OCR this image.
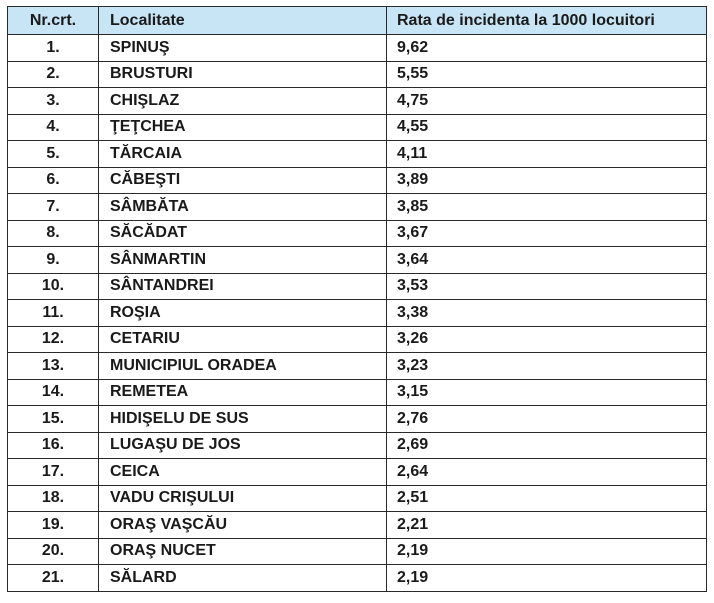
Nr.crt.	Localitate	Rata de incidenta la 1000 locuitori
1.	SPINUŞ	9,62
2.	BRUSTURI	5,55
3.	CHIŞLAZ	4,75
4.	ŢEŢCHEA	4,55
5.	TĂRCAIA	4,11
6.	CĂBEŞTI	3,89
7.	SÂMBĂTA	3,85
8.	SĂCĂDAT	3,67
9.	SÂNMARTIN	3,64
10.	SÂNTANDREI	3,53
11.	ROŞIA	3,38
12.	CETARIU	3,26
13.	MUNICIPIUL ORADEA	3,23
14.	REMETEA	3,15
15.	HIDIŞELU DE SUS	2,76
16.	LUGAŞU DE JOS	2,69
17.	CEICA	2,64
18.	VADU CRIŞULUI	2,51
19.	ORAŞ VAŞCĂU	2,21
20.	ORAŞ NUCET	2,19
21.	SĂLARD	2,19
